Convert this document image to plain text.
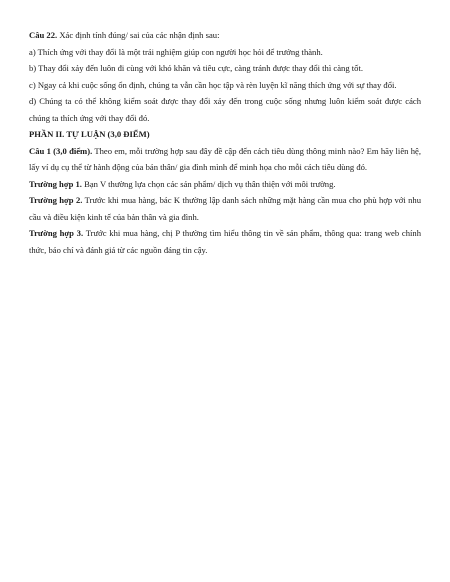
Câu 22. Xác định tính đúng/ sai của các nhận định sau:

a) Thích ứng với thay đổi là một trải nghiệm giúp con người học hỏi để trưởng thành.

b) Thay đổi xảy đến luôn đi cùng với khó khăn và tiêu cực, càng tránh được thay đổi thì càng tốt.

c) Ngay cả khi cuộc sống ổn định, chúng ta vẫn cần học tập và rèn luyện kĩ năng thích ứng với sự thay đổi.

d) Chúng ta có thể không kiểm soát được thay đổi xảy đến trong cuộc sống nhưng luôn kiểm soát được cách chúng ta thích ứng với thay đổi đó.

PHẦN II. TỰ LUẬN (3,0 ĐIỂM)

Câu 1 (3,0 điểm). Theo em, mỗi trường hợp sau đây đề cập đến cách tiêu dùng thông minh nào? Em hãy liên hệ, lấy ví dụ cụ thể từ hành động của bản thân/ gia đình mình để minh họa cho mỗi cách tiêu dùng đó.

Trường hợp 1. Bạn V thường lựa chọn các sản phẩm/ dịch vụ thân thiện với môi trường.

Trường hợp 2. Trước khi mua hàng, bác K thường lập danh sách những mặt hàng cần mua cho phù hợp với nhu cầu và điều kiện kinh tế của bản thân và gia đình.

Trường hợp 3. Trước khi mua hàng, chị P thường tìm hiểu thông tin về sản phẩm, thông qua: trang web chính thức, báo chí và đánh giá từ các nguồn đáng tin cậy.
